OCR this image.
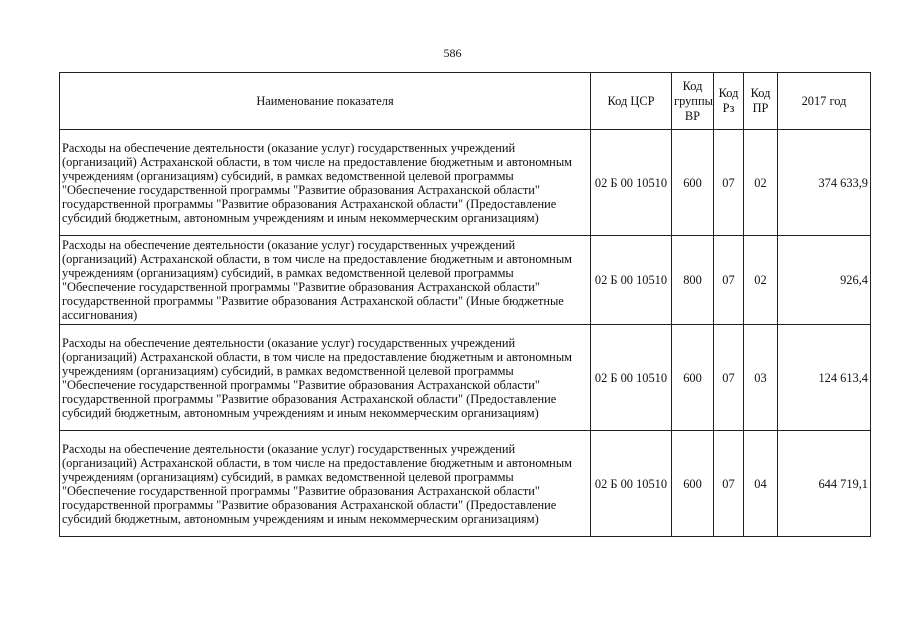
586
Наименование показателя	Код ЦСР	Код группы ВР	Код Рз	Код ПР	2017 год
Расходы на обеспечение деятельности (оказание услуг) государственных учреждений (организаций) Астраханской области, в том числе на предоставление бюджетным и автономным учреждениям (организациям) субсидий, в рамках ведомственной целевой программы "Обеспечение государственной программы "Развитие образования Астраханской области" государственной программы "Развитие образования Астраханской области" (Предоставление субсидий бюджетным, автономным учреждениям и иным некоммерческим организациям)	02 Б 00 10510	600	07	02	374 633,9
Расходы на обеспечение деятельности (оказание услуг) государственных учреждений (организаций) Астраханской области, в том числе на предоставление бюджетным и автономным учреждениям (организациям) субсидий, в рамках ведомственной целевой программы "Обеспечение государственной программы "Развитие образования Астраханской области" государственной программы "Развитие образования Астраханской области" (Иные бюджетные ассигнования)	02 Б 00 10510	800	07	02	926,4
Расходы на обеспечение деятельности (оказание услуг) государственных учреждений (организаций) Астраханской области, в том числе на предоставление бюджетным и автономным учреждениям (организациям) субсидий, в рамках ведомственной целевой программы "Обеспечение государственной программы "Развитие образования Астраханской области" государственной программы "Развитие образования Астраханской области" (Предоставление субсидий бюджетным, автономным учреждениям и иным некоммерческим организациям)	02 Б 00 10510	600	07	03	124 613,4
Расходы на обеспечение деятельности (оказание услуг) государственных учреждений (организаций) Астраханской области, в том числе на предоставление бюджетным и автономным учреждениям (организациям) субсидий, в рамках ведомственной целевой программы "Обеспечение государственной программы "Развитие образования Астраханской области" государственной программы "Развитие образования Астраханской области" (Предоставление субсидий бюджетным, автономным учреждениям и иным некоммерческим организациям)	02 Б 00 10510	600	07	04	644 719,1
